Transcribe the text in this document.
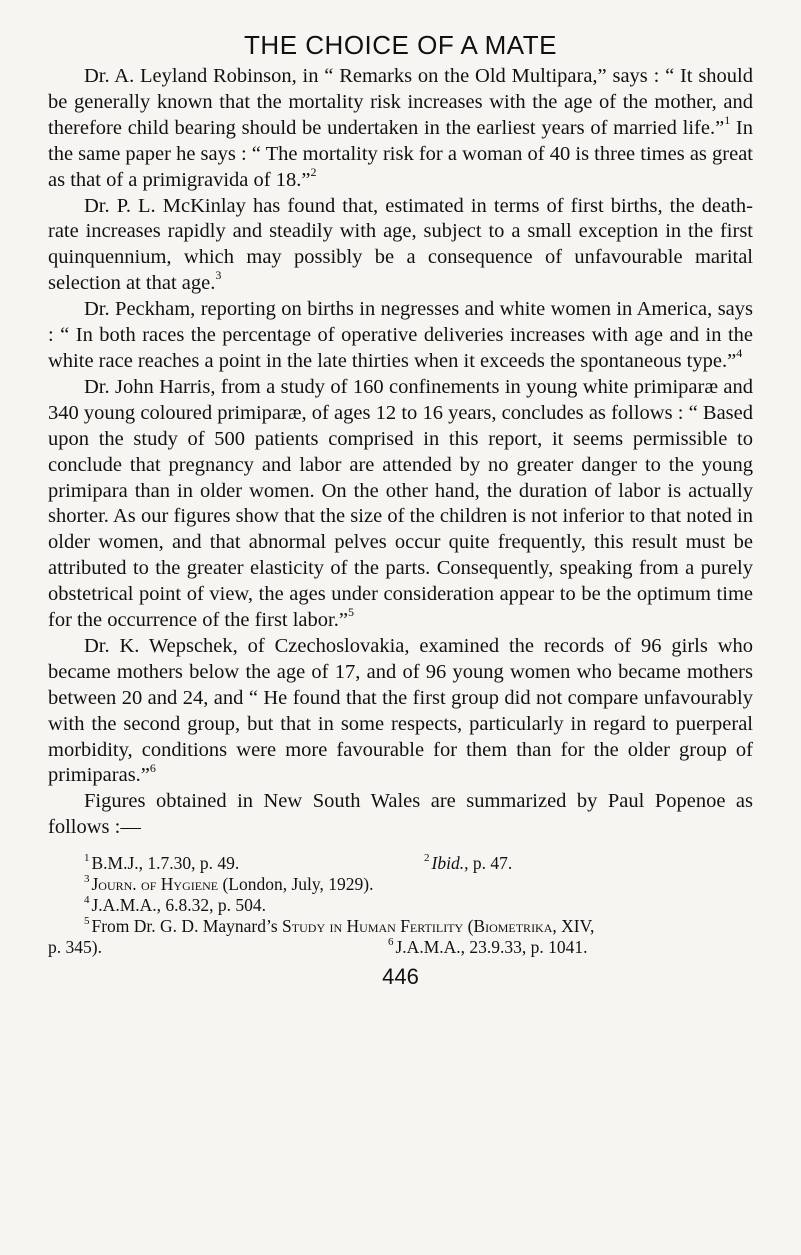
THE CHOICE OF A MATE

Dr. A. Leyland Robinson, in “ Remarks on the Old Multipara,” says : “ It should be generally known that the mortality risk increases with the age of the mother, and therefore child bearing should be undertaken in the earliest years of married life.”$^1$ In the same paper he says : “ The mortality risk for a woman of 40 is three times as great as that of a primigravida of 18.”$^2$

Dr. P. L. McKinlay has found that, estimated in terms of first births, the death-rate increases rapidly and steadily with age, subject to a small exception in the first quinquennium, which may possibly be a consequence of unfavourable marital selection at that age.$^3$

Dr. Peckham, reporting on births in negresses and white women in America, says : “ In both races the percentage of operative deliveries increases with age and in the white race reaches a point in the late thirties when it exceeds the spontaneous type.”$^4$

Dr. John Harris, from a study of 160 confinements in young white primiparæ and 340 young coloured primiparæ, of ages 12 to 16 years, concludes as follows : “ Based upon the study of 500 patients comprised in this report, it seems permissible to conclude that pregnancy and labor are attended by no greater danger to the young primipara than in older women. On the other hand, the duration of labor is actually shorter. As our figures show that the size of the children is not inferior to that noted in older women, and that abnormal pelves occur quite frequently, this result must be attributed to the greater elasticity of the parts. Consequently, speaking from a purely obstetrical point of view, the ages under consideration appear to be the optimum time for the occurrence of the first labor.”$^5$

Dr. K. Wepschek, of Czechoslovakia, examined the records of 96 girls who became mothers below the age of 17, and of 96 young women who became mothers between 20 and 24, and “ He found that the first group did not compare unfavourably with the second group, but that in some respects, particularly in regard to puerperal morbidity, conditions were more favourable for them than for the older group of primiparas.”$^6$

Figures obtained in New South Wales are summarized by Paul Popenoe as follows :—

$^1$ B.M.J., 1.7.30, p. 49.	$^2$ Ibid., p. 47.
$^3$ Journ. of Hygiene (London, July, 1929).
$^4$ J.A.M.A., 6.8.32, p. 504.
$^5$ From Dr. G. D. Maynard’s Study in Human Fertility (Biometrika, XIV,
p. 345).	$^6$ J.A.M.A., 23.9.33, p. 1041.
446
